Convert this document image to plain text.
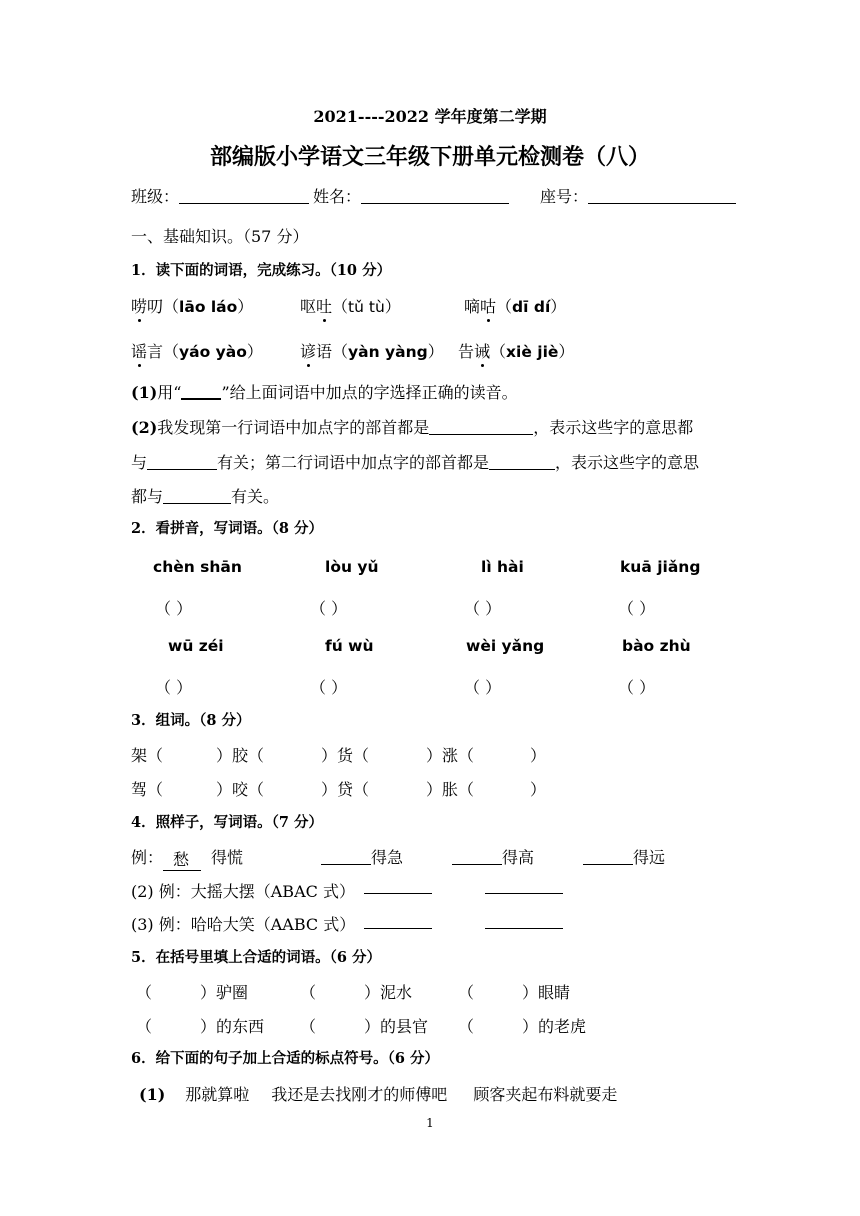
2021----2022 学年度第二学期
部编版小学语文三年级下册单元检测卷（八）
班级：	姓名：	座号：
一、基础知识。（57 分）
1．读下面的词语，完成练习。（10 分）
唠叨（lāo láo）	呕吐（tǔ tù）	嘀咕（dī dí）
谣言（yáo yào） 谚语（yàn yàng） 告诫（xiè jiè）
(1)用“	”给上面词语中加点的字选择正确的读音。
(2)我发现第一行词语中加点字的部首都是	，表示这些字的意思都
与	有关；第二行词语中加点字的部首都是	，表示这些字的意思
都与	有关。
2．看拼音，写词语。（8 分）
chèn shān	lòu yǔ	lì hài	kuā jiǎng
（ ）	（ ）	（ ）	（ ）
wū zéi	fú wù	wèi yǎng	bào zhù
（ ）	（ ）	（ ）	（ ）
3．组词。（8 分）
架（	）胶（	）货（	）涨（	）
驾（	）咬（	）贷（	）胀（	）
4．照样子，写词语。（7 分）
例： 愁 得慌	得急	得高	得远
(2) 例：大摇大摆（ABAC 式）
(3) 例：哈哈大笑（AABC 式）
5．在括号里填上合适的词语。（6 分）
（	）驴圈	（	）泥水	（	）眼睛
（	）的东西 （	）的县官 （	）的老虎
6．给下面的句子加上合适的标点符号。（6 分）
(1) 那就算啦 我还是去找刚才的师傅吧 顾客夹起布料就要走
1
